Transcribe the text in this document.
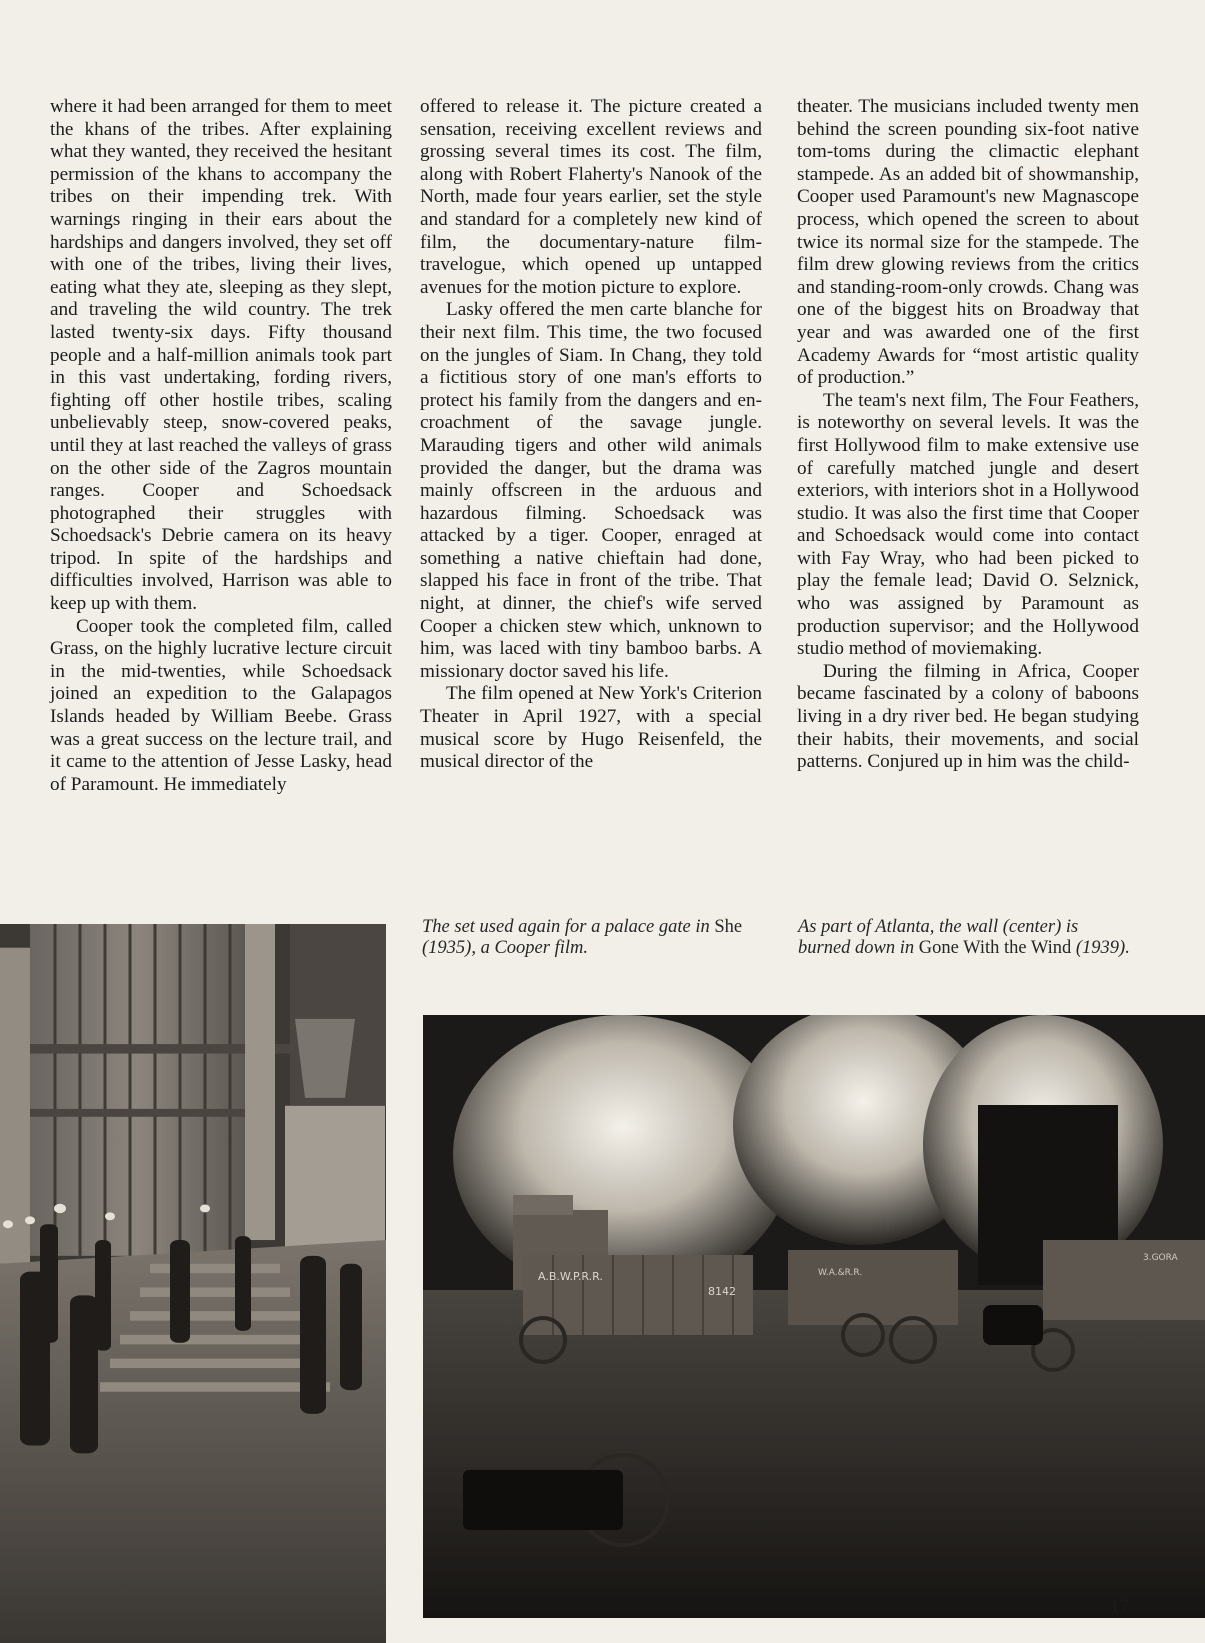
where it had been arranged for them to meet the khans of the tribes. After explaining what they wanted, they received the hesitant permission of the khans to accompany the tribes on their impending trek. With warnings ringing in their ears about the hardships and dangers involved, they set off with one of the tribes, living their lives, eating what they ate, sleeping as they slept, and traveling the wild country. The trek lasted twenty-six days. Fifty thousand people and a half-million animals took part in this vast undertaking, fording rivers, fighting off other hostile tribes, scaling unbelievably steep, snow-covered peaks, until they at last reached the valleys of grass on the other side of the Zagros mountain ranges. Cooper and Schoedsack photographed their struggles with Schoedsack's Debrie camera on its heavy tripod. In spite of the hardships and difficulties involved, Harrison was able to keep up with them.

Cooper took the completed film, called Grass, on the highly lucrative lecture circuit in the mid-twenties, while Schoedsack joined an expedition to the Galapagos Islands headed by William Beebe. Grass was a great success on the lecture trail, and it came to the attention of Jesse Lasky, head of Paramount. He immediately

offered to release it. The picture created a sensation, receiving excellent reviews and grossing several times its cost. The film, along with Robert Flaherty's Nanook of the North, made four years earlier, set the style and standard for a completely new kind of film, the documentary-nature film-travelogue, which opened up untapped avenues for the motion picture to explore.

Lasky offered the men carte blanche for their next film. This time, the two focused on the jungles of Siam. In Chang, they told a fictitious story of one man's efforts to protect his family from the dangers and encroachment of the savage jungle. Marauding tigers and other wild animals provided the danger, but the drama was mainly offscreen in the arduous and hazardous filming. Schoedsack was attacked by a tiger. Cooper, enraged at something a native chieftain had done, slapped his face in front of the tribe. That night, at dinner, the chief's wife served Cooper a chicken stew which, unknown to him, was laced with tiny bamboo barbs. A missionary doctor saved his life.

The film opened at New York's Criterion Theater in April 1927, with a special musical score by Hugo Reisenfeld, the musical director of the

theater. The musicians included twenty men behind the screen pounding six-foot native tom-toms during the climactic elephant stampede. As an added bit of showmanship, Cooper used Paramount's new Magnascope process, which opened the screen to about twice its normal size for the stampede. The film drew glowing reviews from the critics and standing-room-only crowds. Chang was one of the biggest hits on Broadway that year and was awarded one of the first Academy Awards for “most artistic quality of production.”

The team's next film, The Four Feathers, is noteworthy on several levels. It was the first Hollywood film to make extensive use of carefully matched jungle and desert exteriors, with interiors shot in a Hollywood studio. It was also the first time that Cooper and Schoedsack would come into contact with Fay Wray, who had been picked to play the female lead; David O. Selznick, who was assigned by Paramount as production supervisor; and the Hollywood studio method of moviemaking.

During the filming in Africa, Cooper became fascinated by a colony of baboons living in a dry river bed. He began studying their habits, their movements, and social patterns. Conjured up in him was the child-

The set used again for a palace gate in She (1935), a Cooper film.
As part of Atlanta, the wall (center) is burned down in Gone With the Wind (1939).
A.B.W.P.R.R.
8142
W.A.&R.R.
3.GORA
17
